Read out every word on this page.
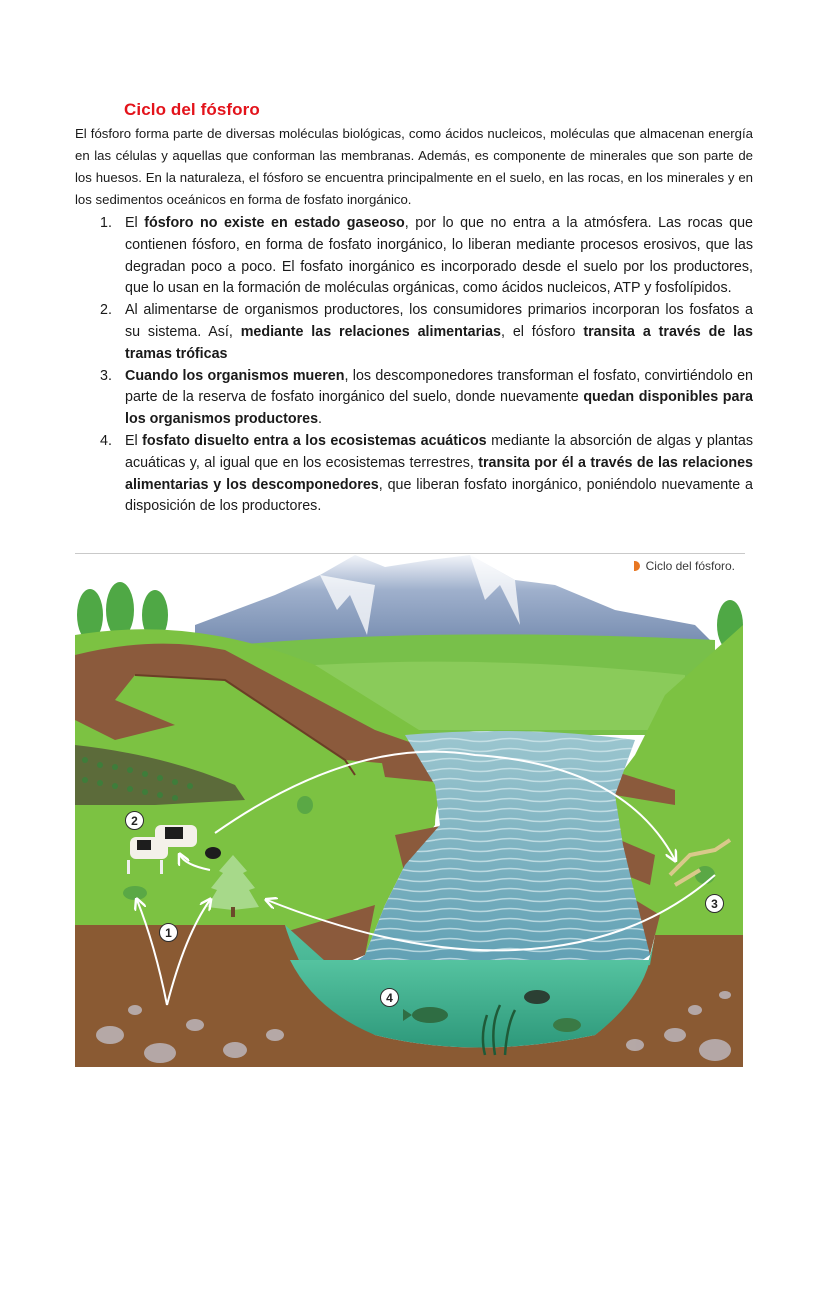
Ciclo del fósforo

El fósforo forma parte de diversas moléculas biológicas, como ácidos nucleicos, moléculas que almacenan energía en las células y aquellas que conforman las membranas. Además, es componente de minerales que son parte de los huesos. En la naturaleza, el fósforo se encuentra principalmente en el suelo, en las rocas, en los minerales y en los sedimentos oceánicos en forma de fosfato inorgánico.

1. El fósforo no existe en estado gaseoso, por lo que no entra a la atmósfera. Las rocas que contienen fósforo, en forma de fosfato inorgánico, lo liberan mediante procesos erosivos, que las degradan poco a poco. El fosfato inorgánico es incorporado desde el suelo por los productores, que lo usan en la formación de moléculas orgánicas, como ácidos nucleicos, ATP y fosfolípidos.
2. Al alimentarse de organismos productores, los consumidores primarios incorporan los fosfatos a su sistema. Así, mediante las relaciones alimentarias, el fósforo transita a través de las tramas tróficas
3. Cuando los organismos mueren, los descomponedores transforman el fosfato, convirtiéndolo en parte de la reserva de fosfato inorgánico del suelo, donde nuevamente quedan disponibles para los organismos productores.
4. El fosfato disuelto entra a los ecosistemas acuáticos mediante la absorción de algas y plantas acuáticas y, al igual que en los ecosistemas terrestres, transita por él a través de las relaciones alimentarias y los descomponedores, que liberan fosfato inorgánico, poniéndolo nuevamente a disposición de los productores.
Ciclo del fósforo.
2
1
3
4
